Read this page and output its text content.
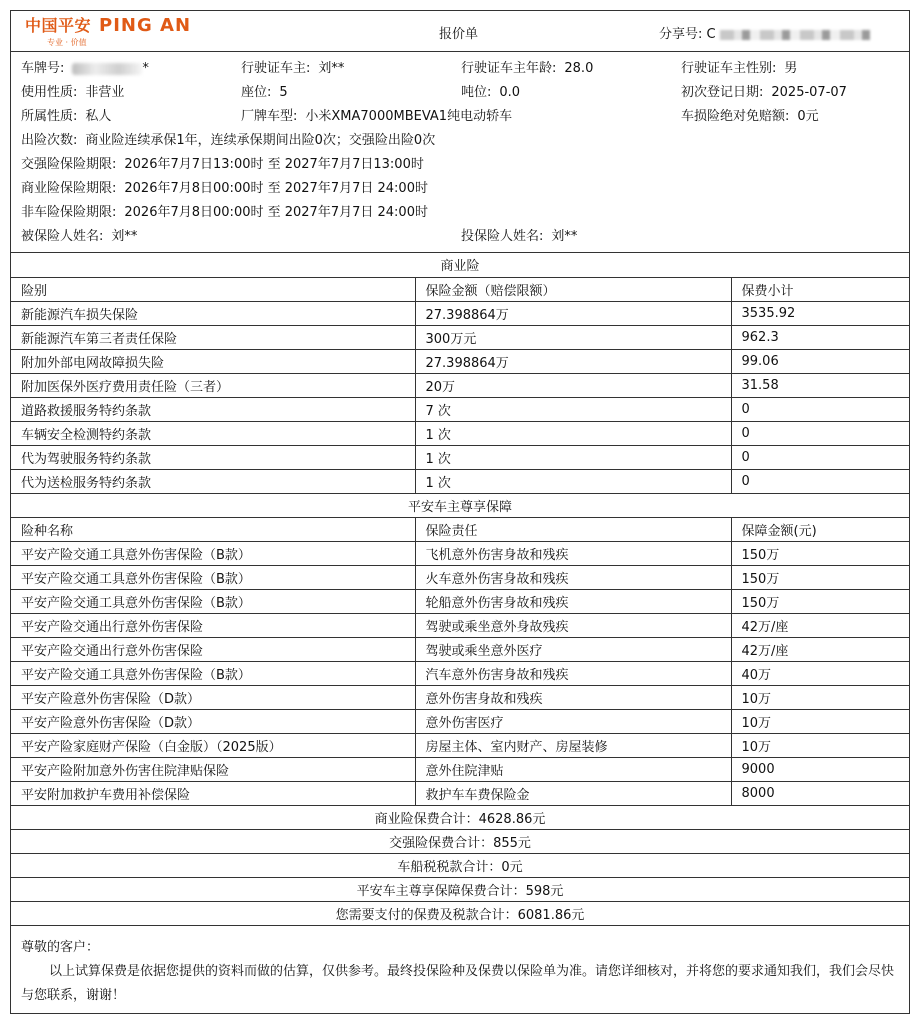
中国平安 PING AN
专业 · 价值
报价单	分享号: C
车牌号:	*	行驶证车主: 刘**	行驶证车主年龄: 28.0	行驶证车主性别: 男
使用性质: 非营业	座位: 5	吨位: 0.0	初次登记日期: 2025-07-07
所属性质: 私人	厂牌车型: 小米XMA7000MBEVA1纯电动轿车	车损险绝对免赔额: 0元
出险次数: 商业险连续承保1年，连续承保期间出险0次；交强险出险0次
交强险保险期限: 2026年7月7日13:00时 至 2027年7月7日13:00时
商业险保险期限: 2026年7月8日00:00时 至 2027年7月7日 24:00时
非车险保险期限: 2026年7月8日00:00时 至 2027年7月7日 24:00时
被保险人姓名: 刘**	投保险人姓名: 刘**
商业险		
险别	保险金额（赔偿限额）	保费小计
新能源汽车损失保险	27.398864万	3535.92
新能源汽车第三者责任保险	300万元	962.3
附加外部电网故障损失险	27.398864万	99.06
附加医保外医疗费用责任险（三者）	20万	31.58
道路救援服务特约条款	7 次	0
车辆安全检测特约条款	1 次	0
代为驾驶服务特约条款	1 次	0
代为送检服务特约条款	1 次	0
平安车主尊享保障		
险种名称	保险责任	保障金额(元)
平安产险交通工具意外伤害保险（B款）	飞机意外伤害身故和残疾	150万
平安产险交通工具意外伤害保险（B款）	火车意外伤害身故和残疾	150万
平安产险交通工具意外伤害保险（B款）	轮船意外伤害身故和残疾	150万
平安产险交通出行意外伤害保险	驾驶或乘坐意外身故残疾	42万/座
平安产险交通出行意外伤害保险	驾驶或乘坐意外医疗	42万/座
平安产险交通工具意外伤害保险（B款）	汽车意外伤害身故和残疾	40万
平安产险意外伤害保险（D款）	意外伤害身故和残疾	10万
平安产险意外伤害保险（D款）	意外伤害医疗	10万
平安产险家庭财产保险（白金版）（2025版）	房屋主体、室内财产、房屋装修	10万
平安产险附加意外伤害住院津贴保险	意外住院津贴	9000
平安附加救护车费用补偿保险	救护车车费保险金	8000
商业险保费合计：4628.86元
交强险保费合计：855元
车船税税款合计：0元
平安车主尊享保障保费合计：598元
您需要支付的保费及税款合计：6081.86元
尊敬的客户：
以上试算保费是依据您提供的资料而做的估算，仅供参考。最终投保险种及保费以保险单为准。请您详细核对，并将您的要求通知我们，我们会尽快与您联系，谢谢！
